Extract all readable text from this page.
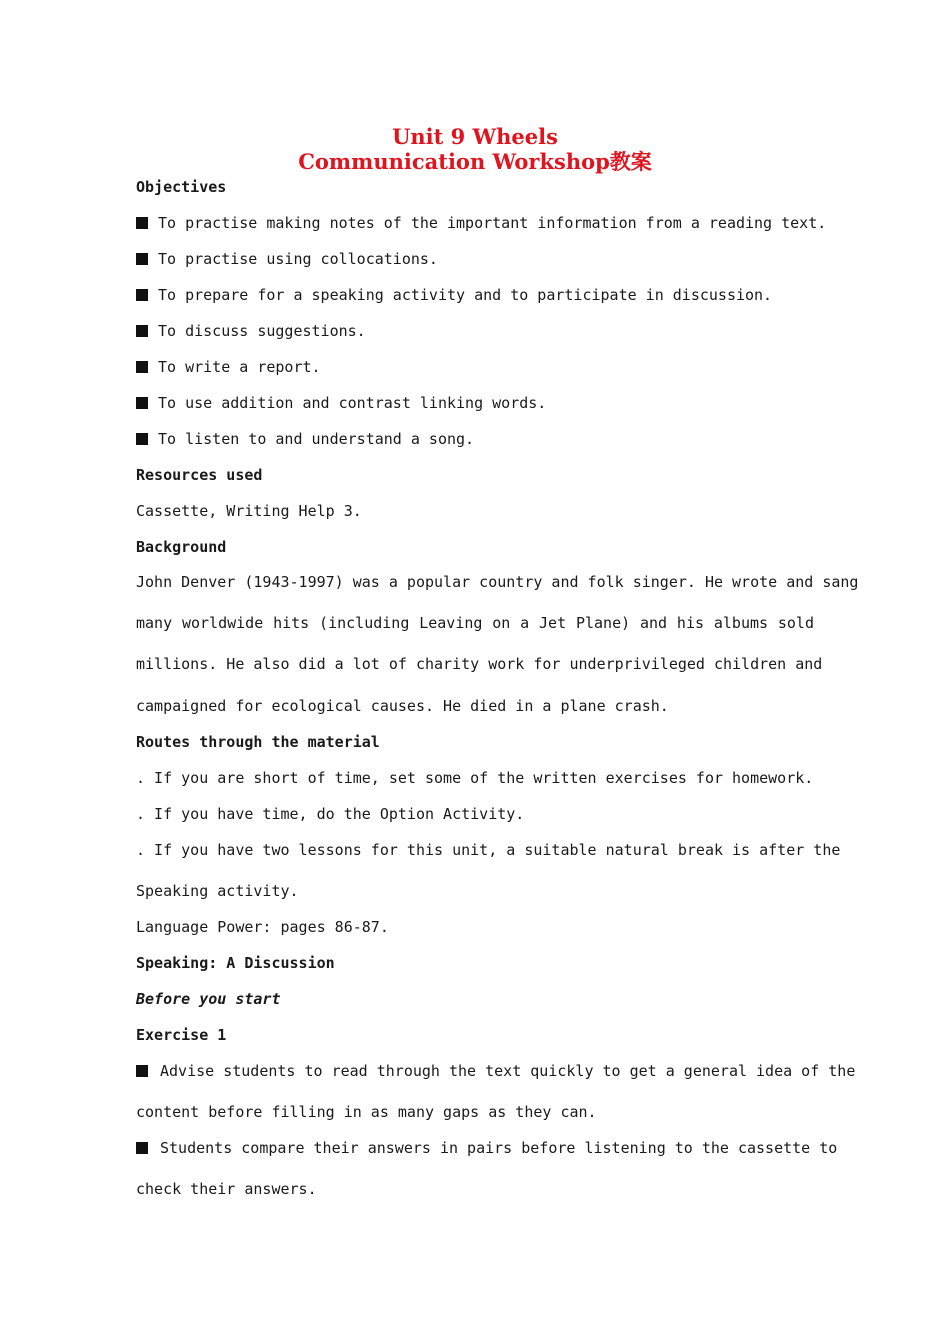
Unit 9 Wheels
Communication Workshop教案
Objectives
To practise making notes of the important information from a reading text.
To practise using collocations.
To prepare for a speaking activity and to participate in discussion.
To discuss suggestions.
To write a report.
To use addition and contrast linking words.
To listen to and understand a song.
Resources used
Cassette, Writing Help 3.
Background
John Denver (1943-1997) was a popular country and folk singer. He wrote and sang
many worldwide hits (including Leaving on a Jet Plane) and his albums sold
millions. He also did a lot of charity work for underprivileged children and
campaigned for ecological causes. He died in a plane crash.
Routes through the material
. If you are short of time, set some of the written exercises for homework.
. If you have time, do the Option Activity.
. If you have two lessons for this unit, a suitable natural break is after the
Speaking activity.
Language Power: pages 86-87.
Speaking: A Discussion
Before you start
Exercise 1
Advise students to read through the text quickly to get a general idea of the
content before filling in as many gaps as they can.
Students compare their answers in pairs before listening to the cassette to
check their answers.
